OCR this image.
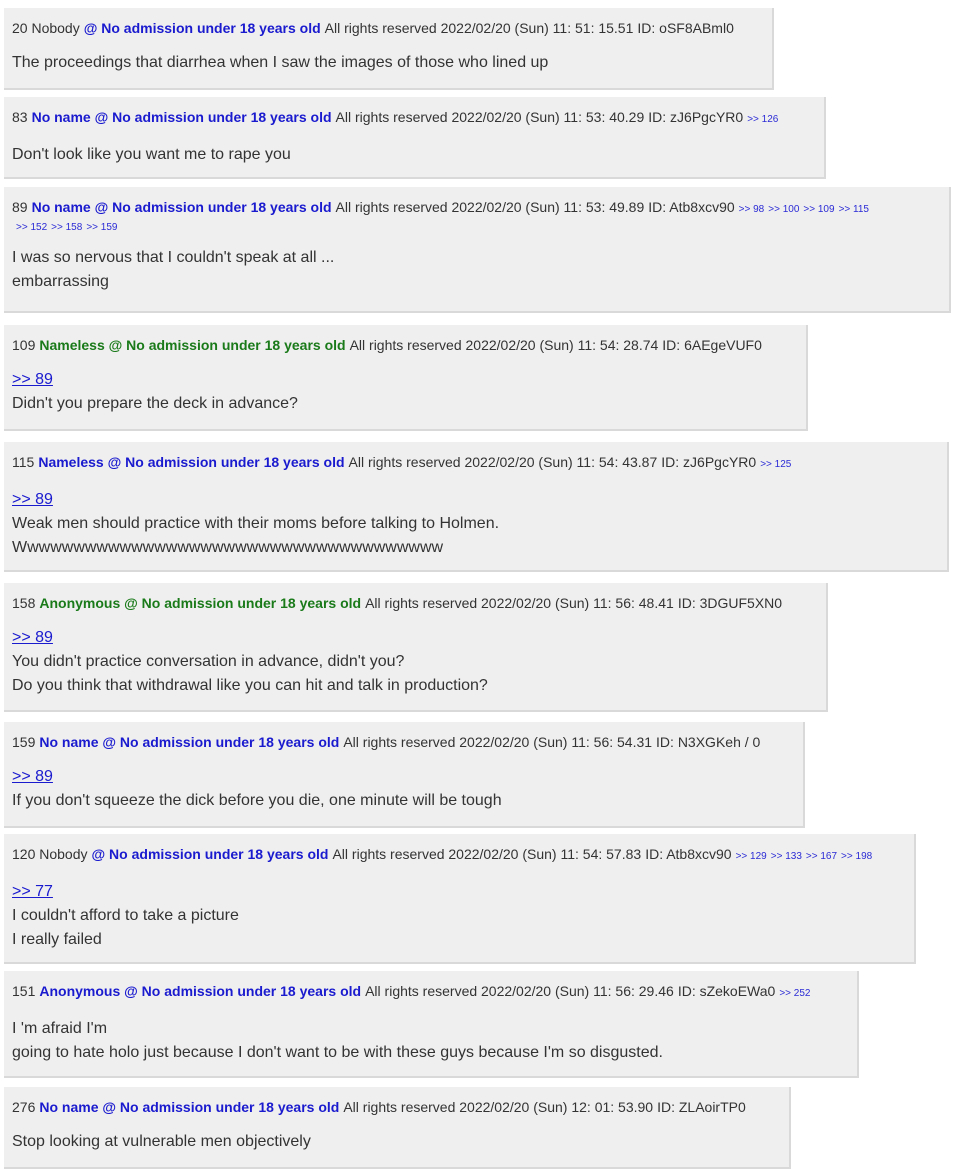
20 Nobody @ No admission under 18 years old All rights reserved 2022/02/20 (Sun) 11: 51: 15.51 ID: oSF8ABml0
The proceedings that diarrhea when I saw the images of those who lined up
83 No name @ No admission under 18 years old All rights reserved 2022/02/20 (Sun) 11: 53: 40.29 ID: zJ6PgcYR0 >> 126
Don't look like you want me to rape you
89 No name @ No admission under 18 years old All rights reserved 2022/02/20 (Sun) 11: 53: 49.89 ID: Atb8xcv90 >> 98 >> 100 >> 109 >> 115
>> 152 >> 158 >> 159
I was so nervous that I couldn't speak at all ...
embarrassing
109 Nameless @ No admission under 18 years old All rights reserved 2022/02/20 (Sun) 11: 54: 28.74 ID: 6AEgeVUF0
>> 89
Didn't you prepare the deck in advance?
115 Nameless @ No admission under 18 years old All rights reserved 2022/02/20 (Sun) 11: 54: 43.87 ID: zJ6PgcYR0 >> 125
>> 89
Weak men should practice with their moms before talking to Holmen.
Wwwwwwwwwwwwwwwwwwwwwwwwwwwwwwwwwwwww
158 Anonymous @ No admission under 18 years old All rights reserved 2022/02/20 (Sun) 11: 56: 48.41 ID: 3DGUF5XN0
>> 89
You didn't practice conversation in advance, didn't you?
Do you think that withdrawal like you can hit and talk in production?
159 No name @ No admission under 18 years old All rights reserved 2022/02/20 (Sun) 11: 56: 54.31 ID: N3XGKeh / 0
>> 89
If you don't squeeze the dick before you die, one minute will be tough
120 Nobody @ No admission under 18 years old All rights reserved 2022/02/20 (Sun) 11: 54: 57.83 ID: Atb8xcv90 >> 129 >> 133 >> 167 >> 198
>> 77
I couldn't afford to take a picture
I really failed
151 Anonymous @ No admission under 18 years old All rights reserved 2022/02/20 (Sun) 11: 56: 29.46 ID: sZekoEWa0 >> 252
I 'm afraid I'm
going to hate holo just because I don't want to be with these guys because I'm so disgusted.
276 No name @ No admission under 18 years old All rights reserved 2022/02/20 (Sun) 12: 01: 53.90 ID: ZLAoirTP0
Stop looking at vulnerable men objectively
